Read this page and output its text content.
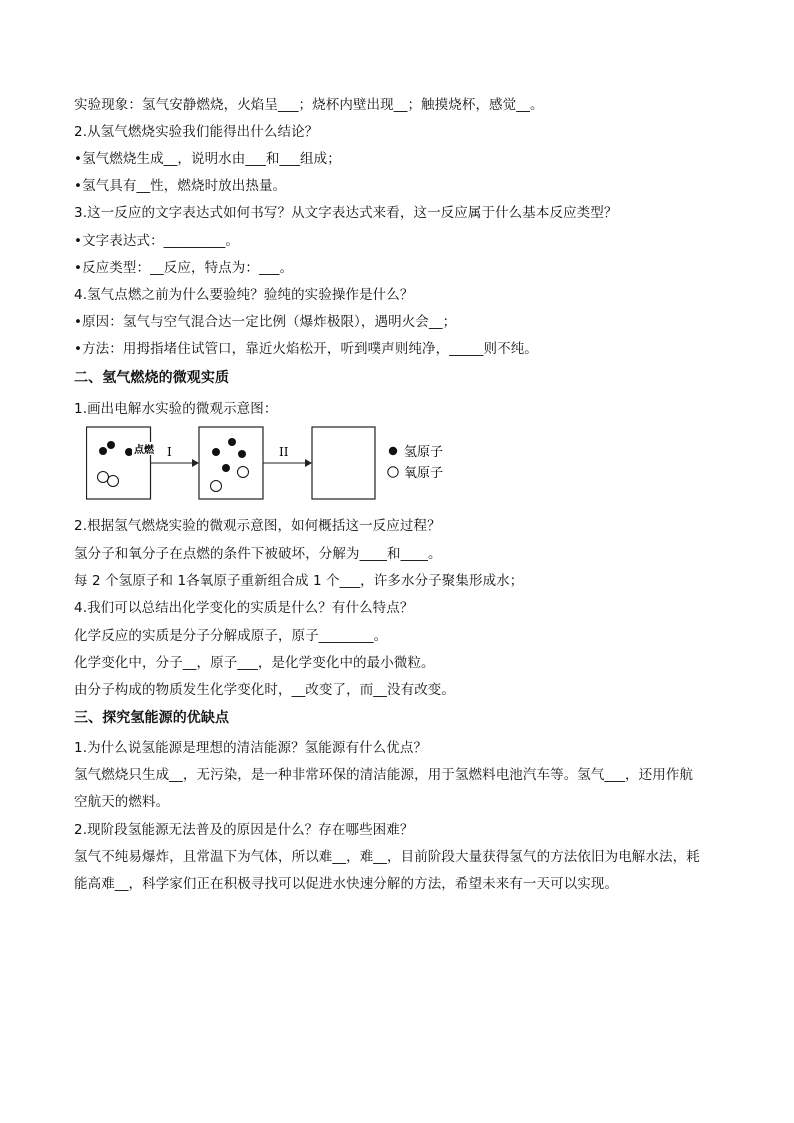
实验现象：氢气安静燃烧，火焰呈___；烧杯内壁出现__；触摸烧杯，感觉__。
2.从氢气燃烧实验我们能得出什么结论？
•氢气燃烧生成__，说明水由___和___组成；
•氢气具有__性，燃烧时放出热量。
3.这一反应的文字表达式如何书写？从文字表达式来看，这一反应属于什么基本反应类型？
•文字表达式：_________。
•反应类型：__反应，特点为：___。
4.氢气点燃之前为什么要验纯？验纯的实验操作是什么？
•原因：氢气与空气混合达一定比例（爆炸极限），遇明火会__；
•方法：用拇指堵住试管口，靠近火焰松开，听到噗声则纯净，_____则不纯。
二、氢气燃烧的微观实质
1.画出电解水实验的微观示意图：
点燃 I	II	氢原子
氧原子
2.根据氢气燃烧实验的微观示意图，如何概括这一反应过程？
氢分子和氧分子在点燃的条件下被破坏，分解为____和____。
每 2 个氢原子和 1各氧原子重新组合成 1 个___，许多水分子聚集形成水；
4.我们可以总结出化学变化的实质是什么？有什么特点？
化学反应的实质是分子分解成原子，原子________。
化学变化中，分子__，原子___，是化学变化中的最小微粒。
由分子构成的物质发生化学变化时，__改变了，而__没有改变。
三、探究氢能源的优缺点
1.为什么说氢能源是理想的清洁能源？氢能源有什么优点？
氢气燃烧只生成__，无污染，是一种非常环保的清洁能源，用于氢燃料电池汽车等。氢气___，还用作航
空航天的燃料。
2.现阶段氢能源无法普及的原因是什么？存在哪些困难？
氢气不纯易爆炸，且常温下为气体，所以难__，难__，目前阶段大量获得氢气的方法依旧为电解水法，耗
能高难__，科学家们正在积极寻找可以促进水快速分解的方法，希望未来有一天可以实现。
